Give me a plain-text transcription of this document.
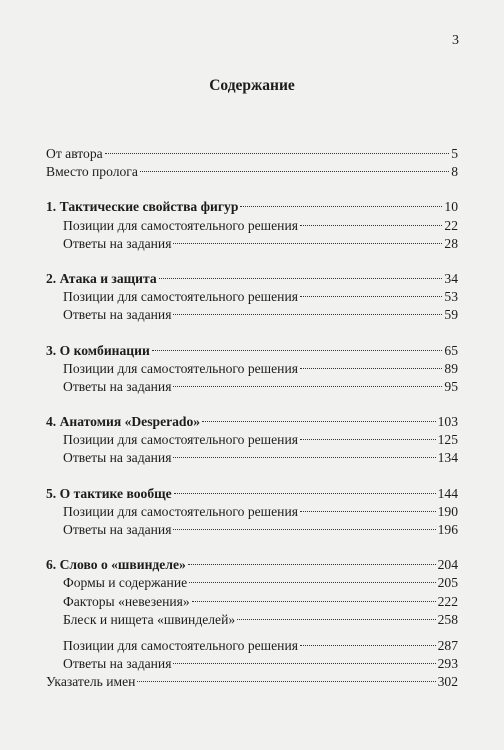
3
Содержание
От автора	5
Вместо пролога	8
1. Тактические свойства фигур	10
Позиции для самостоятельного решения	22
Ответы на задания	28
2. Атака и защита	34
Позиции для самостоятельного решения	53
Ответы на задания	59
3. О комбинации	65
Позиции для самостоятельного решения	89
Ответы на задания	95
4. Анатомия «Desperado»	103
Позиции для самостоятельного решения	125
Ответы на задания	134
5. О тактике вообще	144
Позиции для самостоятельного решения	190
Ответы на задания	196
6. Слово о «швинделе»	204
Формы и содержание	205
Факторы «невезения»	222
Блеск и нищета «швинделей»	258
Позиции для самостоятельного решения	287
Ответы на задания	293
Указатель имен	302
